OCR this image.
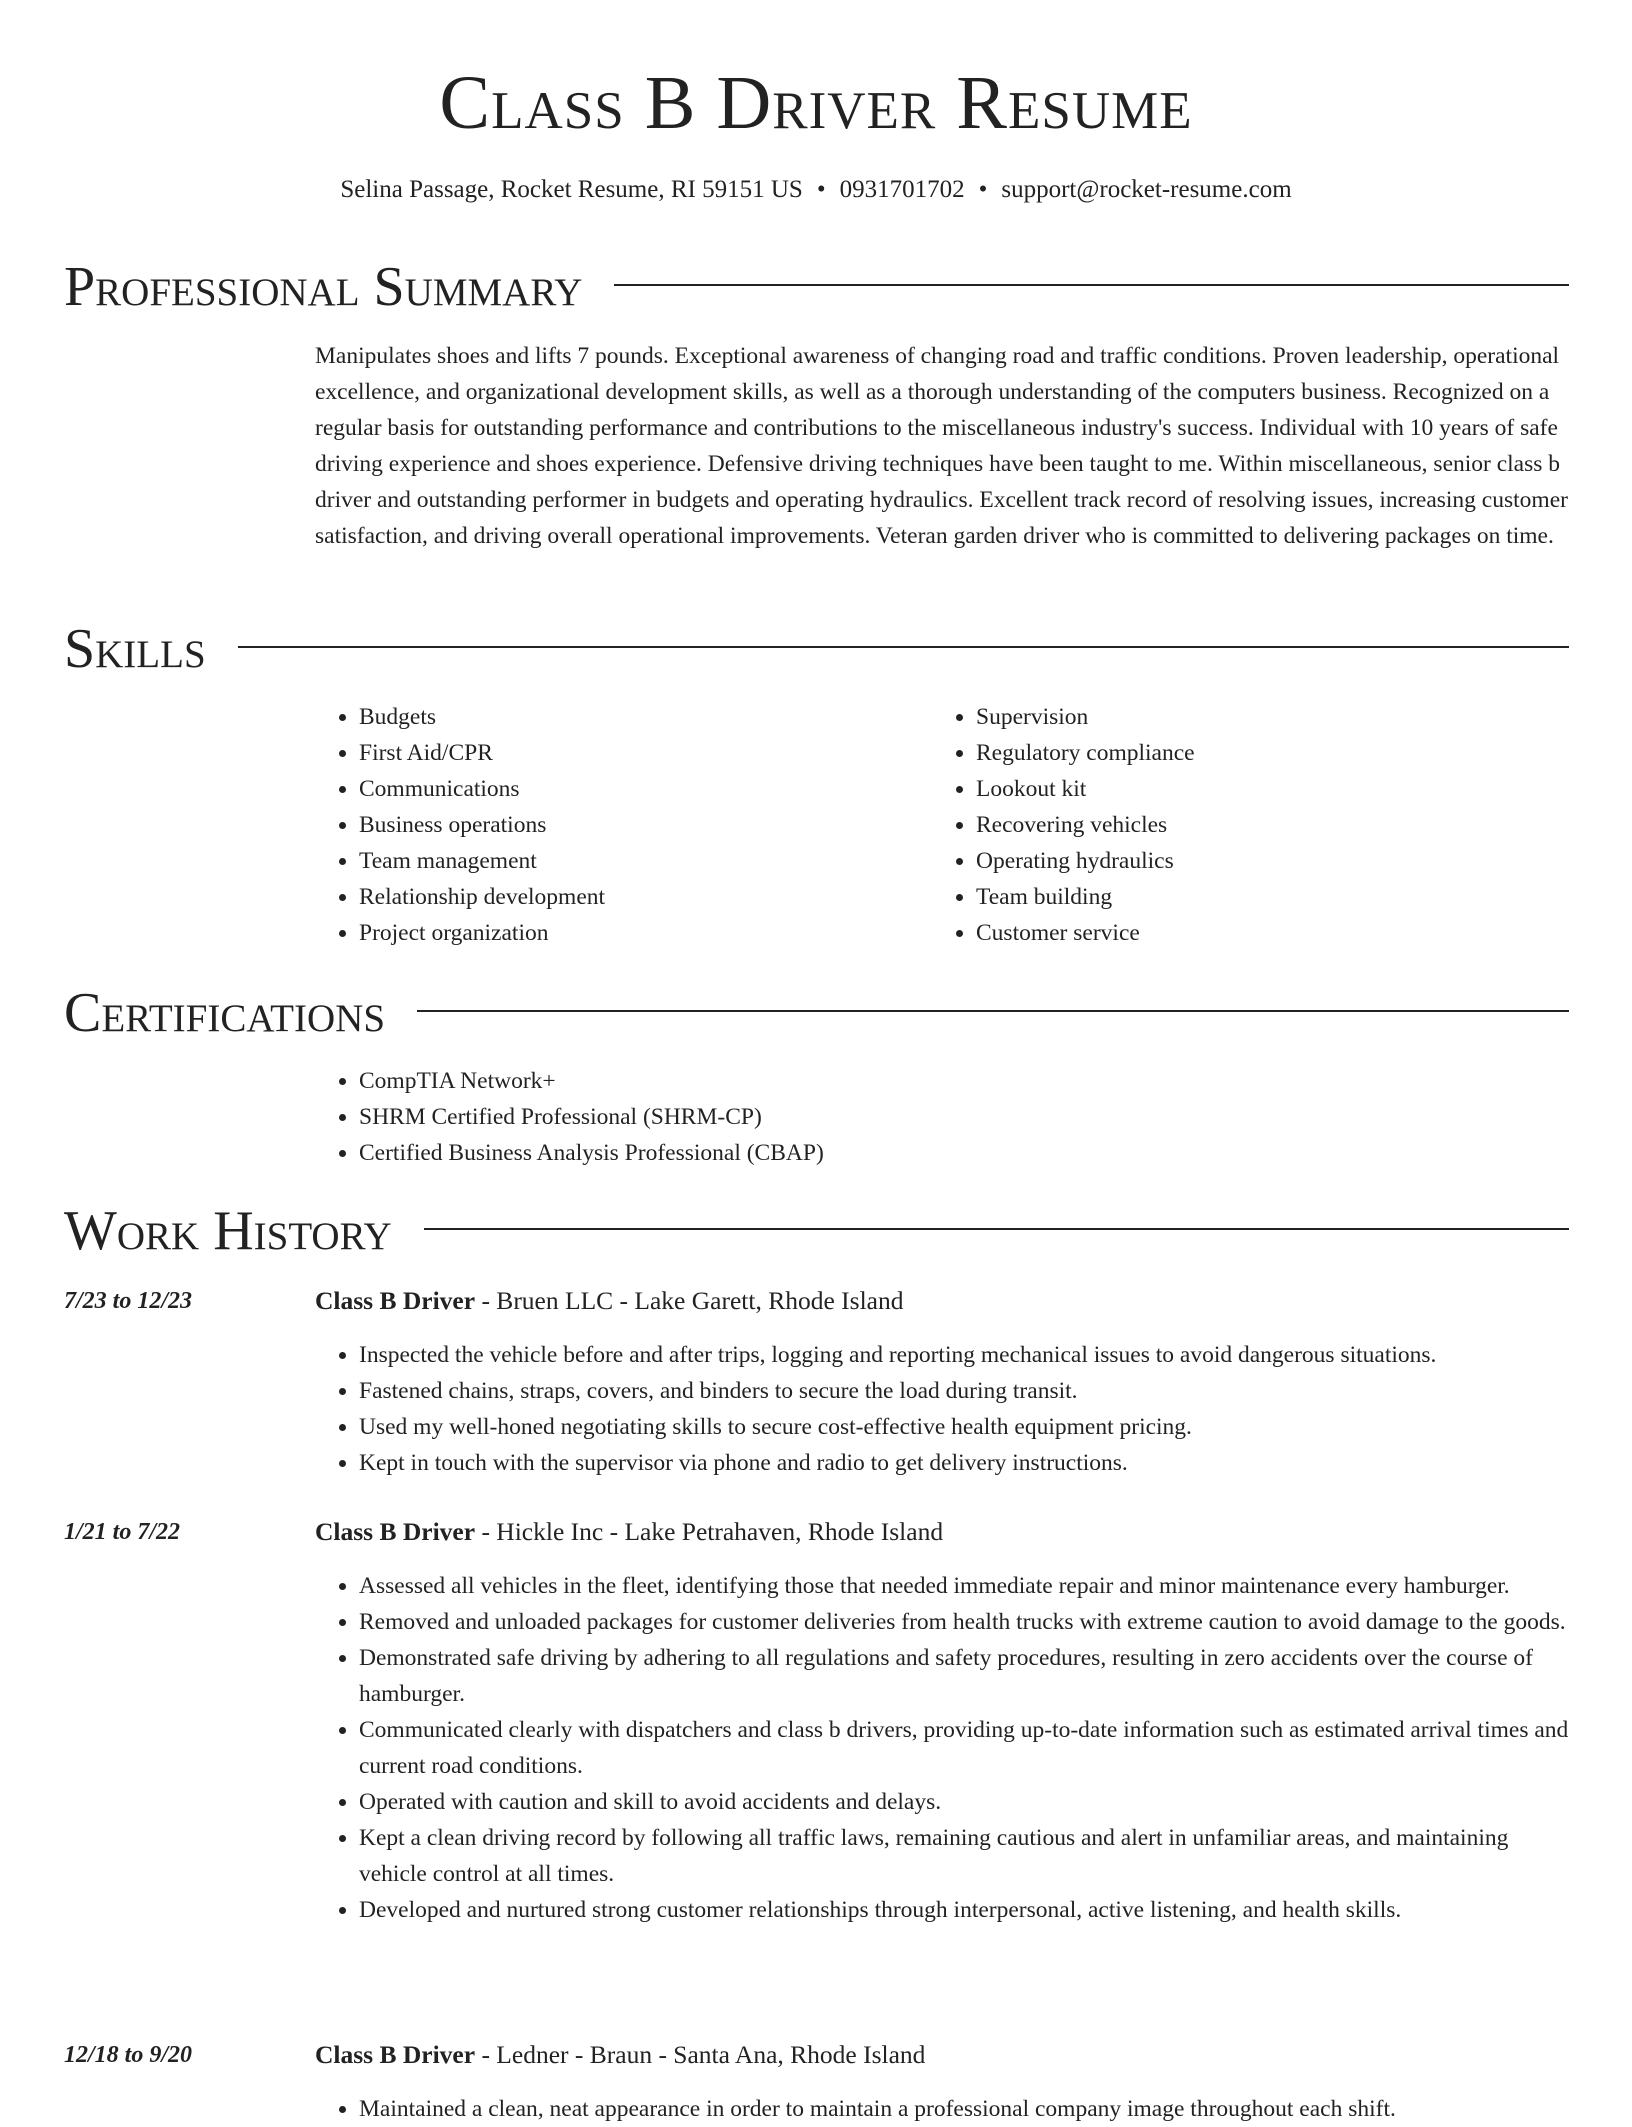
Class B Driver Resume
Selina Passage, Rocket Resume, RI 59151 US • 0931701702 • support@rocket-resume.com
Professional Summary

Manipulates shoes and lifts 7 pounds. Exceptional awareness of changing road and traffic conditions. Proven leadership, operational excellence, and organizational development skills, as well as a thorough understanding of the computers business. Recognized on a regular basis for outstanding performance and contributions to the miscellaneous industry's success. Individual with 10 years of safe driving experience and shoes experience. Defensive driving techniques have been taught to me. Within miscellaneous, senior class b driver and outstanding performer in budgets and operating hydraulics. Excellent track record of resolving issues, increasing customer satisfaction, and driving overall operational improvements. Veteran garden driver who is committed to delivering packages on time.

Skills
• Budgets
• First Aid/CPR
• Communications
• Business operations
• Team management
• Relationship development
• Project organization
• Supervision
• Regulatory compliance
• Lookout kit
• Recovering vehicles
• Operating hydraulics
• Team building
• Customer service
Certifications
• CompTIA Network+
• SHRM Certified Professional (SHRM-CP)
• Certified Business Analysis Professional (CBAP)
Work History
7/23 to 12/23	Class B Driver - Bruen LLC - Lake Garett, Rhode Island
• Inspected the vehicle before and after trips, logging and reporting mechanical issues to avoid dangerous situations.
• Fastened chains, straps, covers, and binders to secure the load during transit.
• Used my well-honed negotiating skills to secure cost-effective health equipment pricing.
• Kept in touch with the supervisor via phone and radio to get delivery instructions.
1/21 to 7/22	Class B Driver - Hickle Inc - Lake Petrahaven, Rhode Island
• Assessed all vehicles in the fleet, identifying those that needed immediate repair and minor maintenance every hamburger.
• Removed and unloaded packages for customer deliveries from health trucks with extreme caution to avoid damage to the goods.
• Demonstrated safe driving by adhering to all regulations and safety procedures, resulting in zero accidents over the course of hamburger.
• Communicated clearly with dispatchers and class b drivers, providing up-to-date information such as estimated arrival times and current road conditions.
• Operated with caution and skill to avoid accidents and delays.
• Kept a clean driving record by following all traffic laws, remaining cautious and alert in unfamiliar areas, and maintaining vehicle control at all times.
• Developed and nurtured strong customer relationships through interpersonal, active listening, and health skills.
12/18 to 9/20	Class B Driver - Ledner - Braun - Santa Ana, Rhode Island
• Maintained a clean, neat appearance in order to maintain a professional company image throughout each shift.
